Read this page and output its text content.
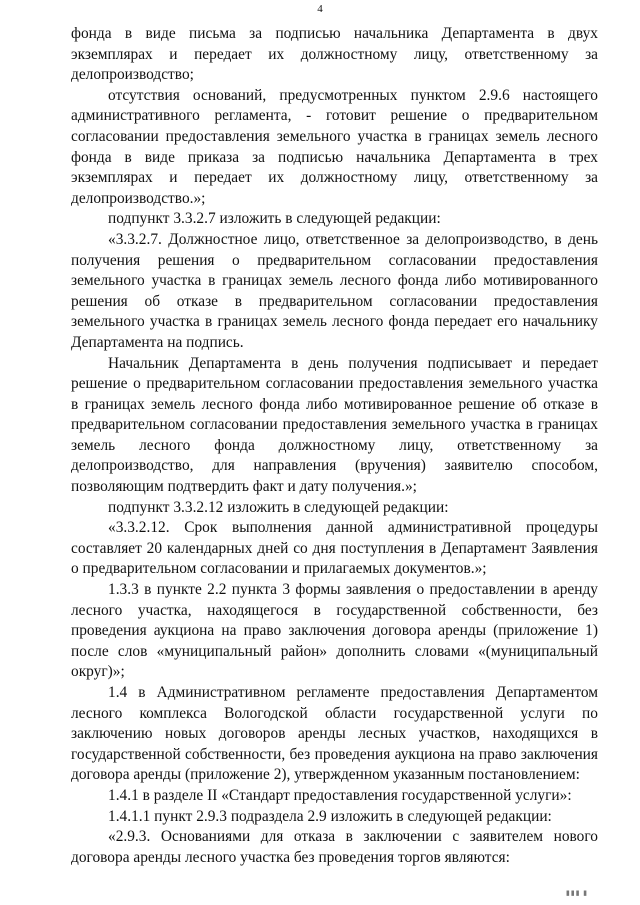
4

фонда в виде письма за подписью начальника Департамента в двух экземплярах и передает их должностному лицу, ответственному за делопроизводство;

отсутствия оснований, предусмотренных пунктом 2.9.6 настоящего административного регламента, - готовит решение о предварительном согласовании предоставления земельного участка в границах земель лесного фонда в виде приказа за подписью начальника Департамента в трех экземплярах и передает их должностному лицу, ответственному за делопроизводство.»;

подпункт 3.3.2.7 изложить в следующей редакции:

«3.3.2.7. Должностное лицо, ответственное за делопроизводство, в день получения решения о предварительном согласовании предоставления земельного участка в границах земель лесного фонда либо мотивированного решения об отказе в предварительном согласовании предоставления земельного участка в границах земель лесного фонда передает его начальнику Департамента на подпись.

Начальник Департамента в день получения подписывает и передает решение о предварительном согласовании предоставления земельного участка в границах земель лесного фонда либо мотивированное решение об отказе в предварительном согласовании предоставления земельного участка в границах земель лесного фонда должностному лицу, ответственному за делопроизводство, для направления (вручения) заявителю способом, позволяющим подтвердить факт и дату получения.»;

подпункт 3.3.2.12 изложить в следующей редакции:

«3.3.2.12. Срок выполнения данной административной процедуры составляет 20 календарных дней со дня поступления в Департамент Заявления о предварительном согласовании и прилагаемых документов.»;

1.3.3 в пункте 2.2 пункта 3 формы заявления о предоставлении в аренду лесного участка, находящегося в государственной собственности, без проведения аукциона на право заключения договора аренды (приложение 1) после слов «муниципальный район» дополнить словами «(муниципальный округ)»;

1.4 в Административном регламенте предоставления Департаментом лесного комплекса Вологодской области государственной услуги по заключению новых договоров аренды лесных участков, находящихся в государственной собственности, без проведения аукциона на право заключения договора аренды (приложение 2), утвержденном указанным постановлением:

1.4.1 в разделе II «Стандарт предоставления государственной услуги»:

1.4.1.1 пункт 2.9.3 подраздела 2.9 изложить в следующей редакции:

«2.9.3. Основаниями для отказа в заключении с заявителем нового договора аренды лесного участка без проведения торгов являются:

▮▮▮ ▮
